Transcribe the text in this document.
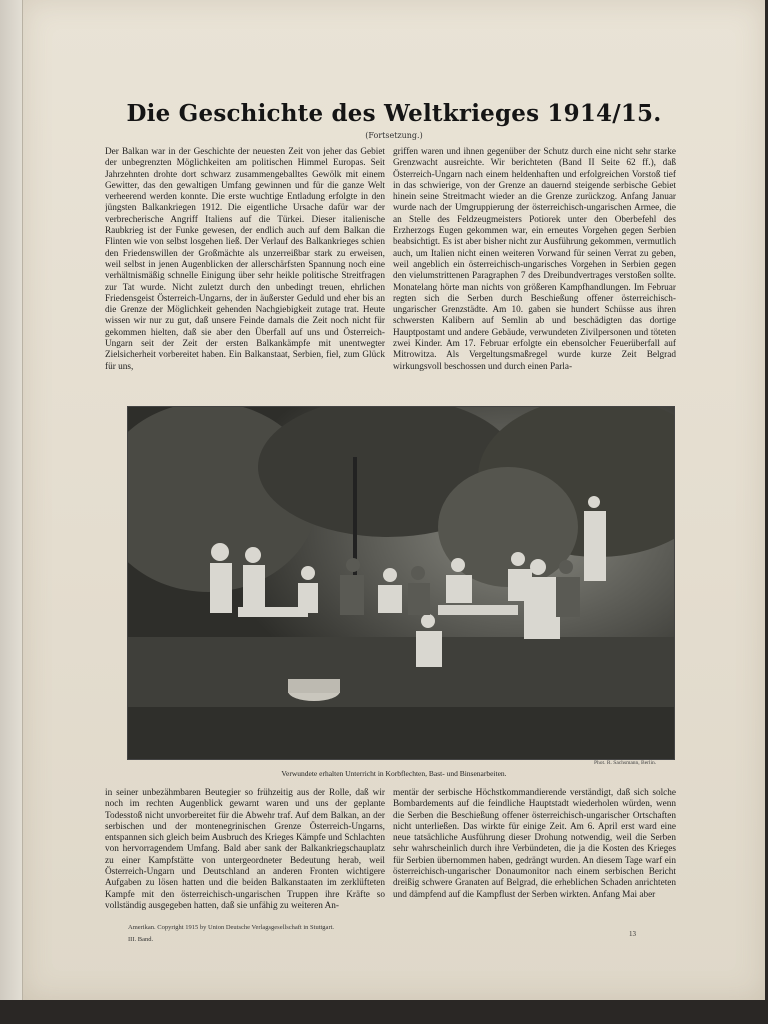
Die Geschichte des Weltkrieges 1914/15.
(Fortsetzung.)
Der Balkan war in der Geschichte der neuesten Zeit von jeher das Gebiet der unbegrenzten Möglichkeiten am politischen Himmel Europas. Seit Jahrzehnten drohte dort schwarz zusammengeballtes Gewölk mit einem Gewitter, das den gewaltigen Umfang gewinnen und für die ganze Welt verheerend werden konnte. Die erste wuchtige Entladung erfolgte in den jüngsten Balkankriegen 1912. Die eigentliche Ursache dafür war der verbrecherische Angriff Italiens auf die Türkei. Dieser italienische Raubkrieg ist der Funke gewesen, der endlich auch auf dem Balkan die Flinten wie von selbst losgehen ließ. Der Verlauf des Balkankrieges schien den Friedenswillen der Großmächte als unzerreißbar stark zu erweisen, weil selbst in jenen Augenblicken der allerschärfsten Spannung noch eine verhältnismäßig schnelle Einigung über sehr heikle politische Streitfragen zur Tat wurde. Nicht zuletzt durch den unbedingt treuen, ehrlichen Friedensgeist Österreich-Ungarns, der in äußerster Geduld und eher bis an die Grenze der Möglichkeit gehenden Nachgiebigkeit zutage trat. Heute wissen wir nur zu gut, daß unsere Feinde damals die Zeit noch nicht für gekommen hielten, daß sie aber den Überfall auf uns und Österreich-Ungarn seit der Zeit der ersten Balkankämpfe mit unentwegter Zielsicherheit vorbereitet haben. Ein Balkanstaat, Serbien, fiel, zum Glück für uns,
griffen waren und ihnen gegenüber der Schutz durch eine nicht sehr starke Grenzwacht ausreichte. Wir berichteten (Band II Seite 62 ff.), daß Österreich-Ungarn nach einem heldenhaften und erfolgreichen Vorstoß tief in das schwierige, von der Grenze an dauernd steigende serbische Gebiet hinein seine Streitmacht wieder an die Grenze zurückzog. Anfang Januar wurde nach der Umgruppierung der österreichisch-ungarischen Armee, die an Stelle des Feldzeugmeisters Potiorek unter den Oberbefehl des Erzherzogs Eugen gekommen war, ein erneutes Vorgehen gegen Serbien beabsichtigt. Es ist aber bisher nicht zur Ausführung gekommen, vermutlich auch, um Italien nicht einen weiteren Vorwand für seinen Verrat zu geben, weil angeblich ein österreichisch-ungarisches Vorgehen in Serbien gegen den vielumstrittenen Paragraphen 7 des Dreibundvertrages verstoßen sollte. Monatelang hörte man nichts von größeren Kampfhandlungen. Im Februar regten sich die Serben durch Beschießung offener österreichisch-ungarischer Grenzstädte. Am 10. gaben sie hundert Schüsse aus ihren schwersten Kalibern auf Semlin ab und beschädigten das dortige Hauptpostamt und andere Gebäude, verwundeten Zivilpersonen und töteten zwei Kinder. Am 17. Februar erfolgte ein ebensolcher Feuerüberfall auf Mitrowitza. Als Vergeltungsmaßregel wurde kurze Zeit Belgrad wirkungsvoll beschossen und durch einen Parla-
Phot. R. Sachsmann, Berlin.
Verwundete erhalten Unterricht in Korbflechten, Bast- und Binsenarbeiten.
in seiner unbezähmbaren Beutegier so frühzeitig aus der Rolle, daß wir noch im rechten Augenblick gewarnt waren und uns der geplante Todesstoß nicht unvorbereitet für die Abwehr traf. Auf dem Balkan, an der serbischen und der montenegrinischen Grenze Österreich-Ungarns, entspannen sich gleich beim Ausbruch des Krieges Kämpfe und Schlachten von hervorragendem Umfang. Bald aber sank der Balkankriegschauplatz zu einer Kampfstätte von untergeordneter Bedeutung herab, weil Österreich-Ungarn und Deutschland an anderen Fronten wichtigere Aufgaben zu lösen hatten und die beiden Balkanstaaten im zerklüfteten Kampfe mit den österreichisch-ungarischen Truppen ihre Kräfte so vollständig ausgegeben hatten, daß sie unfähig zu weiteren An-
mentär der serbische Höchstkommandierende verständigt, daß sich solche Bombardements auf die feindliche Hauptstadt wiederholen würden, wenn die Serben die Beschießung offener österreichisch-ungarischer Ortschaften nicht unterließen. Das wirkte für einige Zeit. Am 6. April erst ward eine neue tatsächliche Ausführung dieser Drohung notwendig, weil die Serben sehr wahrscheinlich durch ihre Verbündeten, die ja die Kosten des Krieges für Serbien übernommen haben, gedrängt wurden. An diesem Tage warf ein österreichisch-ungarischer Donaumonitor nach einem serbischen Bericht dreißig schwere Granaten auf Belgrad, die erheblichen Schaden anrichteten und dämpfend auf die Kampflust der Serben wirkten. Anfang Mai aber
Amerikan. Copyright 1915 by Union Deutsche Verlagsgesellschaft in Stuttgart.
III. Band.
13
